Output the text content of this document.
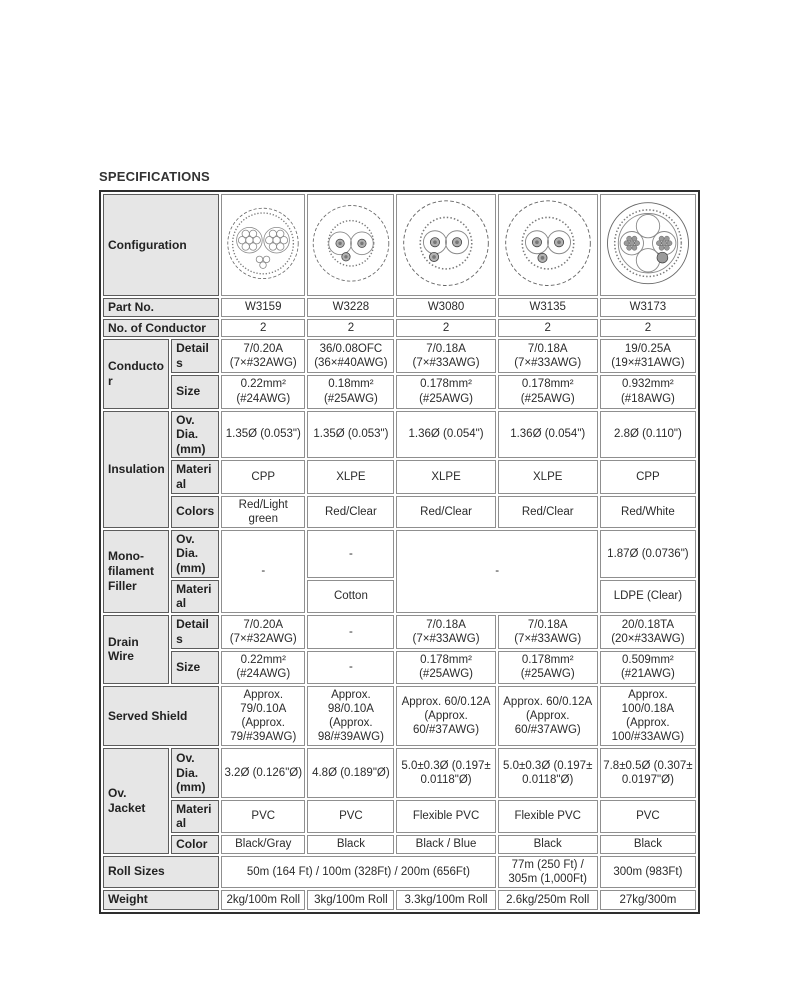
SPECIFICATIONS
Configuration	

Part No.		W3159	W3228	W3080	W3135	W3173
No. of Conductor		2	2	2	2	2
Conductor	Details	7/0.20A (7×#32AWG)	36/0.08OFC (36×#40AWG)	7/0.18A (7×#33AWG)	7/0.18A (7×#33AWG)	19/0.25A (19×#31AWG)
	Size	0.22mm² (#24AWG)	0.18mm² (#25AWG)	0.178mm² (#25AWG)	0.178mm² (#25AWG)	0.932mm² (#18AWG)
Insulation	Ov. Dia. (mm)	1.35Ø (0.053")	1.35Ø (0.053")	1.36Ø (0.054")	1.36Ø (0.054")	2.8Ø (0.110")
	Material	CPP	XLPE	XLPE	XLPE	CPP
	Colors	Red/Light green	Red/Clear	Red/Clear	Red/Clear	Red/White
Mono-filament Filler	Ov. Dia. (mm)	-	-	-		1.87Ø (0.0736")
	Material		Cotton			LDPE (Clear)
Drain Wire	Details	7/0.20A (7×#32AWG)	-	7/0.18A (7×#33AWG)	7/0.18A (7×#33AWG)	20/0.18TA (20×#33AWG)
	Size	0.22mm² (#24AWG)	-	0.178mm² (#25AWG)	0.178mm² (#25AWG)	0.509mm² (#21AWG)
Served Shield		Approx. 79/0.10A (Approx. 79/#39AWG)	Approx. 98/0.10A (Approx. 98/#39AWG)	Approx. 60/0.12A (Approx. 60/#37AWG)	Approx. 60/0.12A (Approx. 60/#37AWG)	Approx. 100/0.18A (Approx. 100/#33AWG)
Ov. Jacket	Ov. Dia. (mm)	3.2Ø (0.126"Ø)	4.8Ø (0.189"Ø)	5.0±0.3Ø (0.197± 0.0118"Ø)	5.0±0.3Ø (0.197± 0.0118"Ø)	7.8±0.5Ø (0.307± 0.0197"Ø)
	Material	PVC	PVC	Flexible PVC	Flexible PVC	PVC
	Color	Black/Gray	Black	Black / Blue	Black	Black
Roll Sizes		50m (164 Ft) / 100m (328Ft) / 200m (656Ft)			77m (250 Ft) / 305m (1,000Ft)	300m (983Ft)
Weight		2kg/100m Roll	3kg/100m Roll	3.3kg/100m Roll	2.6kg/250m Roll	27kg/300m
